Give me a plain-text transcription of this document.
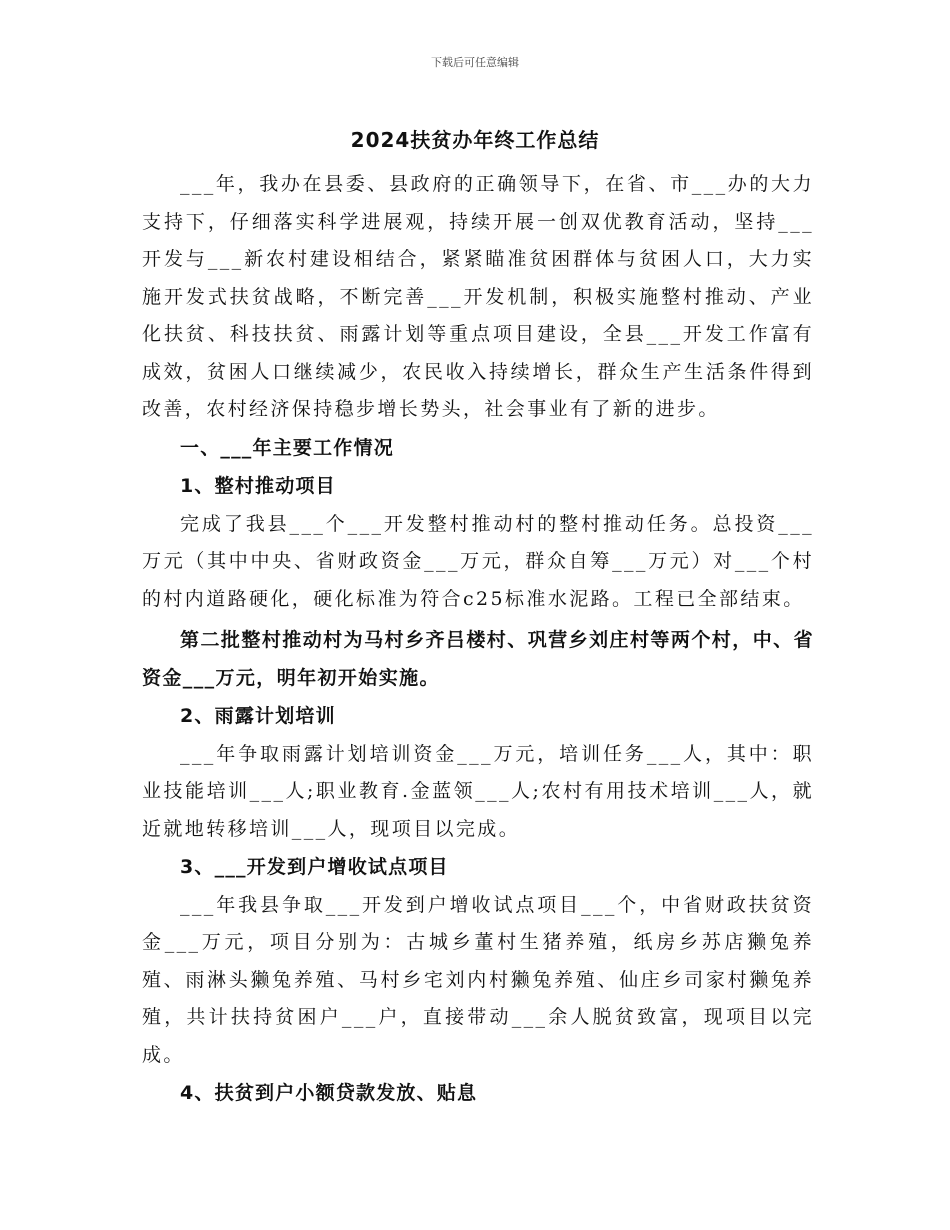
下载后可任意编辑
2024扶贫办年终工作总结

___年，我办在县委、县政府的正确领导下，在省、市___办的大力支持下，仔细落实科学进展观，持续开展一创双优教育活动，坚持___开发与___新农村建设相结合，紧紧瞄准贫困群体与贫困人口，大力实施开发式扶贫战略，不断完善___开发机制，积极实施整村推动、产业化扶贫、科技扶贫、雨露计划等重点项目建设，全县___开发工作富有成效，贫困人口继续减少，农民收入持续增长，群众生产生活条件得到改善，农村经济保持稳步增长势头，社会事业有了新的进步。

一、___年主要工作情况

1、整村推动项目

完成了我县___个___开发整村推动村的整村推动任务。总投资___万元（其中中央、省财政资金___万元，群众自筹___万元）对___个村的村内道路硬化，硬化标准为符合c25标准水泥路。工程已全部结束。

第二批整村推动村为马村乡齐吕楼村、巩营乡刘庄村等两个村，中、省资金___万元，明年初开始实施。

2、雨露计划培训

___年争取雨露计划培训资金___万元，培训任务___人，其中：职业技能培训___人;职业教育.金蓝领___人;农村有用技术培训___人，就近就地转移培训___人，现项目以完成。

3、___开发到户增收试点项目

___年我县争取___开发到户增收试点项目___个，中省财政扶贫资金___万元，项目分别为：古城乡董村生猪养殖，纸房乡苏店獭兔养殖、雨淋头獭兔养殖、马村乡宅刘内村獭兔养殖、仙庄乡司家村獭兔养殖，共计扶持贫困户___户，直接带动___余人脱贫致富，现项目以完成。

4、扶贫到户小额贷款发放、贴息
